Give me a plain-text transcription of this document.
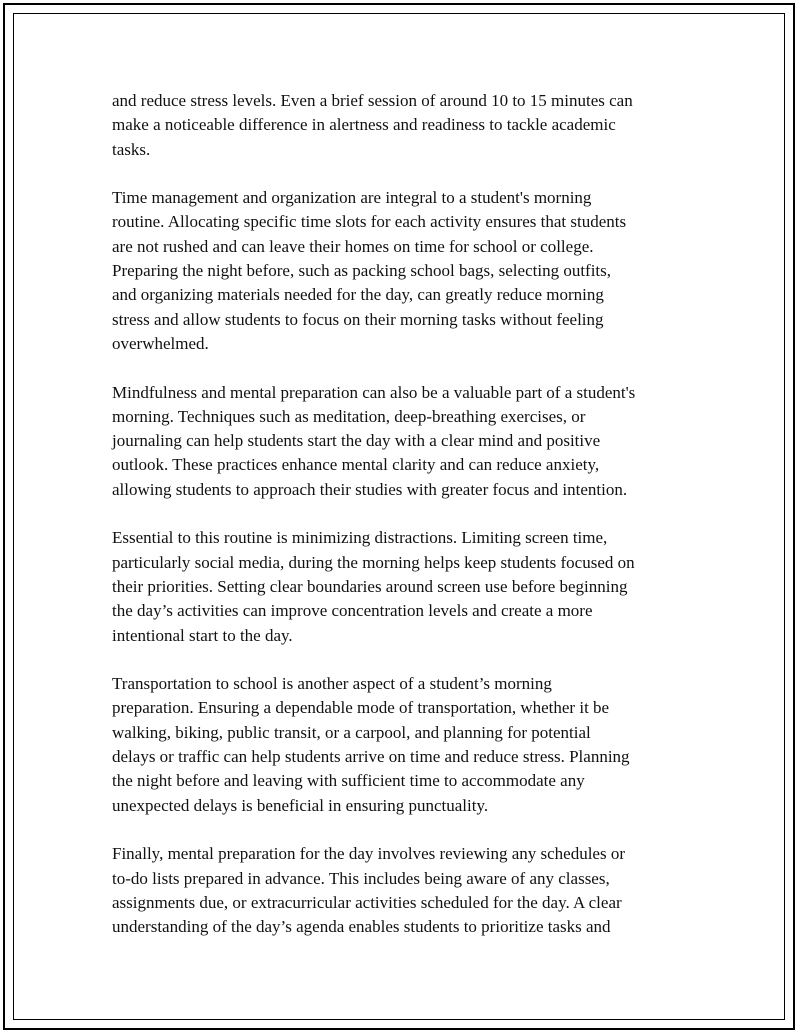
and reduce stress levels. Even a brief session of around 10 to 15 minutes can
make a noticeable difference in alertness and readiness to tackle academic
tasks.

Time management and organization are integral to a student's morning
routine. Allocating specific time slots for each activity ensures that students
are not rushed and can leave their homes on time for school or college.
Preparing the night before, such as packing school bags, selecting outfits,
and organizing materials needed for the day, can greatly reduce morning
stress and allow students to focus on their morning tasks without feeling
overwhelmed.

Mindfulness and mental preparation can also be a valuable part of a student's
morning. Techniques such as meditation, deep-breathing exercises, or
journaling can help students start the day with a clear mind and positive
outlook. These practices enhance mental clarity and can reduce anxiety,
allowing students to approach their studies with greater focus and intention.

Essential to this routine is minimizing distractions. Limiting screen time,
particularly social media, during the morning helps keep students focused on
their priorities. Setting clear boundaries around screen use before beginning
the day’s activities can improve concentration levels and create a more
intentional start to the day.

Transportation to school is another aspect of a student’s morning
preparation. Ensuring a dependable mode of transportation, whether it be
walking, biking, public transit, or a carpool, and planning for potential
delays or traffic can help students arrive on time and reduce stress. Planning
the night before and leaving with sufficient time to accommodate any
unexpected delays is beneficial in ensuring punctuality.

Finally, mental preparation for the day involves reviewing any schedules or
to-do lists prepared in advance. This includes being aware of any classes,
assignments due, or extracurricular activities scheduled for the day. A clear
understanding of the day’s agenda enables students to prioritize tasks and
